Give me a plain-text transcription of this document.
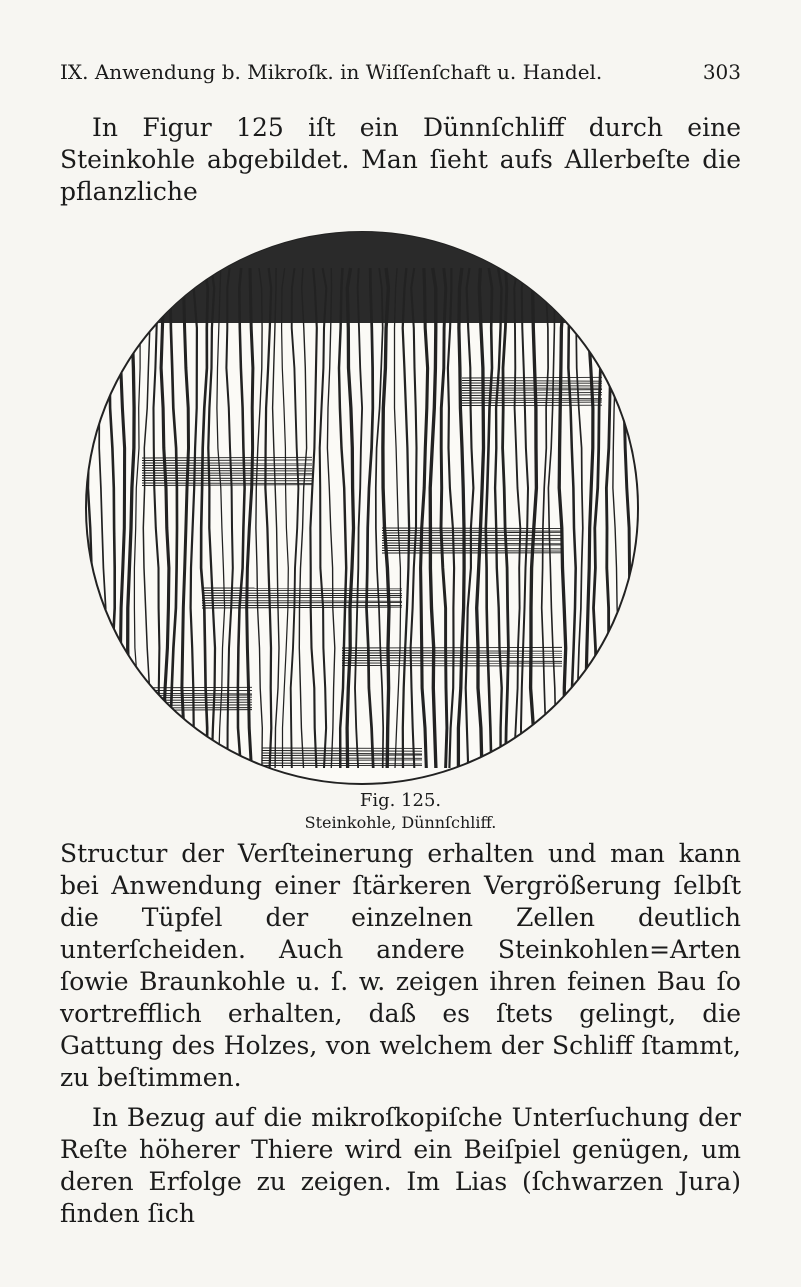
IX. Anwendung b. Mikroſk. in Wiſſenſchaft u. Handel.	303
In Figur 125 iſt ein Dünnſchliff durch eine Steinkohle abgebildet. Man ſieht aufs Allerbeſte die pflanzliche
Fig. 125.
Steinkohle, Dünnſchliff.
Structur der Verſteinerung erhalten und man kann bei Anwendung einer ſtärkeren Vergrößerung ſelbſt die Tüpfel der einzelnen Zellen deutlich unterſcheiden. Auch andere Steinkohlen=Arten ſowie Braunkohle u. ſ. w. zeigen ihren feinen Bau ſo vortrefflich erhalten, daß es ſtets gelingt, die Gattung des Holzes, von welchem der Schliff ſtammt, zu beſtimmen.
In Bezug auf die mikroſkopiſche Unterſuchung der Reſte höherer Thiere wird ein Beiſpiel genügen, um deren Erfolge zu zeigen. Im Lias (ſchwarzen Jura) finden ſich
